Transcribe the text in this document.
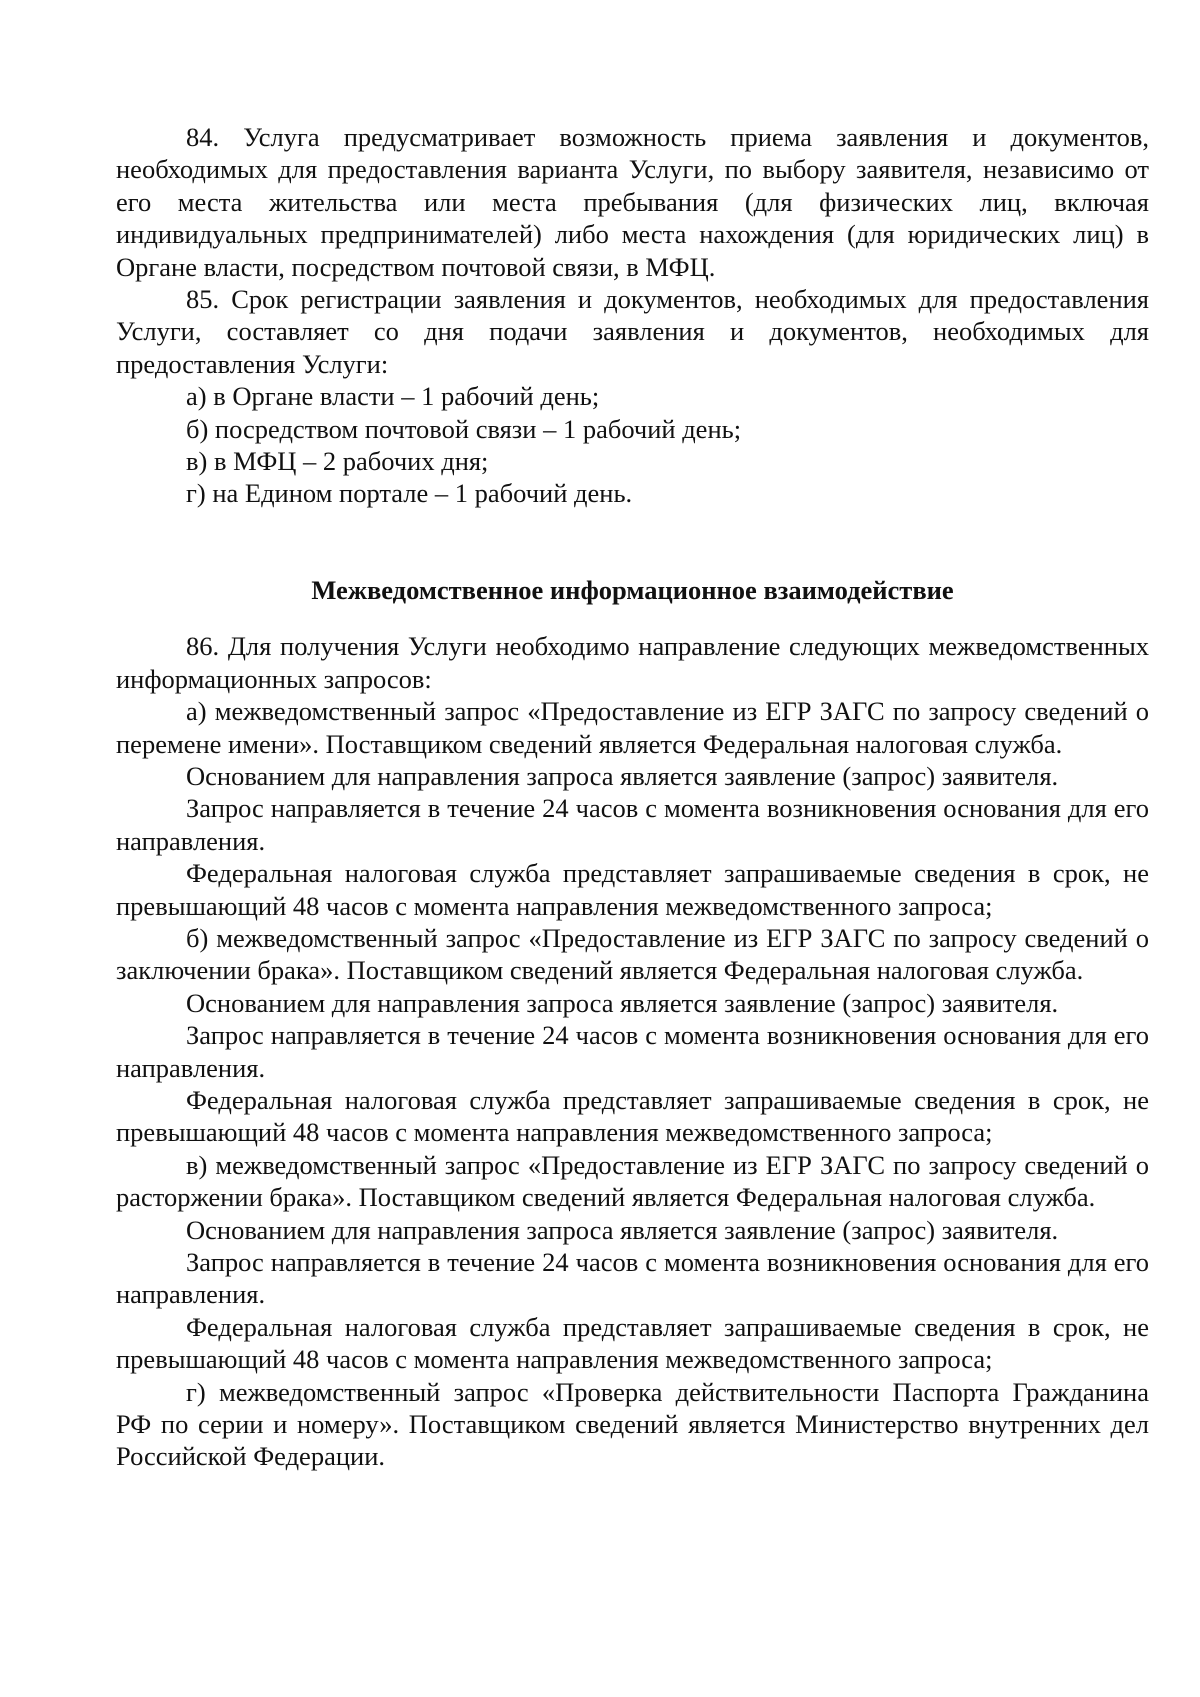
84. Услуга предусматривает возможность приема заявления и документов, необходимых для предоставления варианта Услуги, по выбору заявителя, независимо от его места жительства или места пребывания (для физических лиц, включая индивидуальных предпринимателей) либо места нахождения (для юридических лиц) в Органе власти, посредством почтовой связи, в МФЦ.

85. Срок регистрации заявления и документов, необходимых для предоставления Услуги, составляет со дня подачи заявления и документов, необходимых для предоставления Услуги:

а) в Органе власти – 1 рабочий день;

б) посредством почтовой связи – 1 рабочий день;

в) в МФЦ – 2 рабочих дня;

г) на Едином портале – 1 рабочий день.

Межведомственное информационное взаимодействие

86. Для получения Услуги необходимо направление следующих межведомственных информационных запросов:

а) межведомственный запрос «Предоставление из ЕГР ЗАГС по запросу сведений о перемене имени». Поставщиком сведений является Федеральная налоговая служба.

Основанием для направления запроса является заявление (запрос) заявителя.

Запрос направляется в течение 24 часов с момента возникновения основания для его направления.

Федеральная налоговая служба представляет запрашиваемые сведения в срок, не превышающий 48 часов с момента направления межведомственного запроса;

б) межведомственный запрос «Предоставление из ЕГР ЗАГС по запросу сведений о заключении брака». Поставщиком сведений является Федеральная налоговая служба.

Основанием для направления запроса является заявление (запрос) заявителя.

Запрос направляется в течение 24 часов с момента возникновения основания для его направления.

Федеральная налоговая служба представляет запрашиваемые сведения в срок, не превышающий 48 часов с момента направления межведомственного запроса;

в) межведомственный запрос «Предоставление из ЕГР ЗАГС по запросу сведений о расторжении брака». Поставщиком сведений является Федеральная налоговая служба.

Основанием для направления запроса является заявление (запрос) заявителя.

Запрос направляется в течение 24 часов с момента возникновения основания для его направления.

Федеральная налоговая служба представляет запрашиваемые сведения в срок, не превышающий 48 часов с момента направления межведомственного запроса;

г) межведомственный запрос «Проверка действительности Паспорта Гражданина РФ по серии и номеру». Поставщиком сведений является Министерство внутренних дел Российской Федерации.
